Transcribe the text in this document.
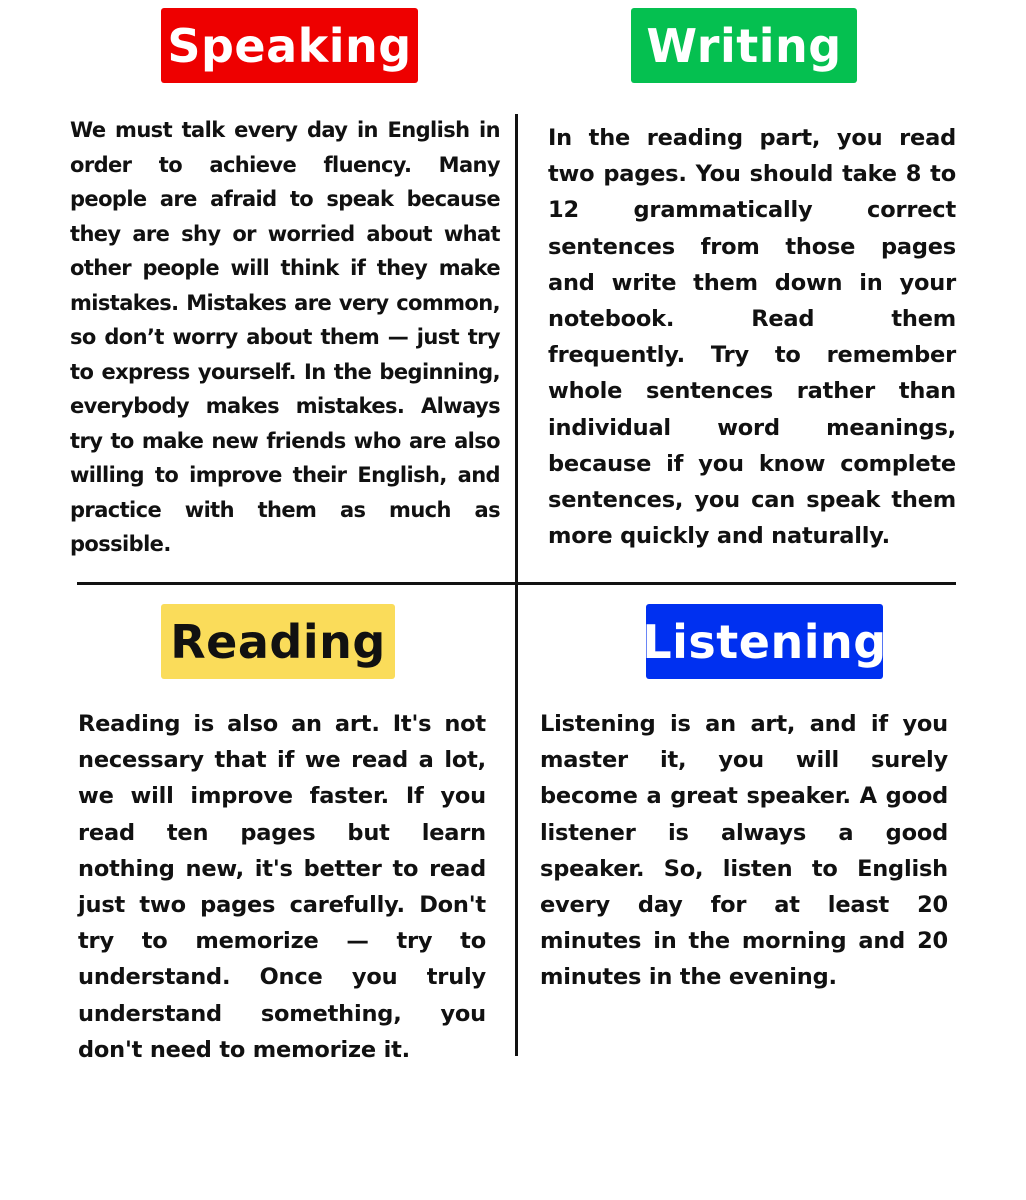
Speaking	Writing

We must talk every day in English in order to achieve fluency. Many people are afraid to speak because they are shy or worried about what other people will think if they make mistakes. Mistakes are very common, so don’t worry about them — just try to express yourself. In the beginning, everybody makes mistakes. Always try to make new friends who are also willing to improve their English, and practice with them as much as possible.

In the reading part, you read two pages. You should take 8 to 12 grammatically correct sentences from those pages and write them down in your notebook. Read them frequently. Try to remember whole sentences rather than individual word meanings, because if you know complete sentences, you can speak them more quickly and naturally.

Reading	Listening

Reading is also an art. It's not necessary that if we read a lot, we will improve faster. If you read ten pages but learn nothing new, it's better to read just two pages carefully. Don't try to memorize — try to understand. Once you truly understand something, you don't need to memorize it.

Listening is an art, and if you master it, you will surely become a great speaker. A good listener is always a good speaker. So, listen to English every day for at least 20 minutes in the morning and 20 minutes in the evening.
